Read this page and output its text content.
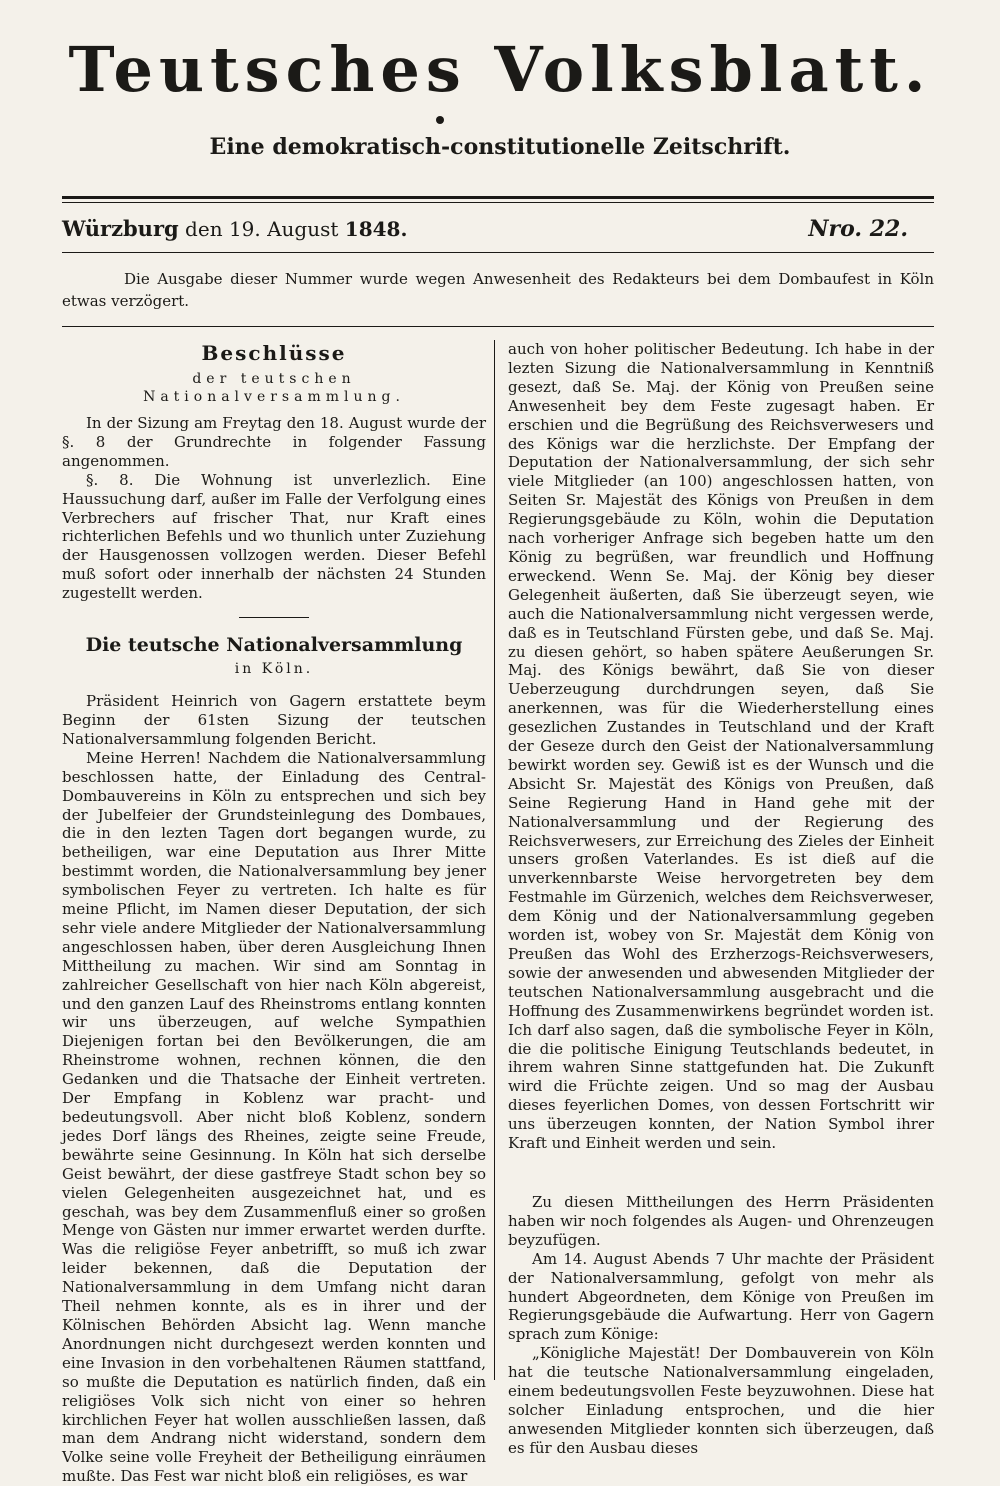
Teutsches Volksblatt.
Eine demokratisch-constitutionelle Zeitschrift.
Würzburg den 19. August 1848.	Nro. 22.
Die Ausgabe dieser Nummer wurde wegen Anwesenheit des Redakteurs bei dem Dombaufest in Köln etwas verzögert.
Beschlüsse
der teutschen Nationalversammlung.

In der Sizung am Freytag den 18. August wurde der §. 8 der Grundrechte in folgender Fassung angenommen.

§. 8. Die Wohnung ist unverlezlich. Eine Haussuchung darf, außer im Falle der Verfolgung eines Verbrechers auf frischer That, nur Kraft eines richterlichen Befehls und wo thunlich unter Zuziehung der Hausgenossen vollzogen werden. Dieser Befehl muß sofort oder innerhalb der nächsten 24 Stunden zugestellt werden.

Die teutsche Nationalversammlung
in Köln.

Präsident Heinrich von Gagern erstattete beym Beginn der 61sten Sizung der teutschen Nationalversammlung folgenden Bericht.

Meine Herren! Nachdem die Nationalversammlung beschlossen hatte, der Einladung des Central-Dombauvereins in Köln zu entsprechen und sich bey der Jubelfeier der Grundsteinlegung des Dombaues, die in den lezten Tagen dort begangen wurde, zu betheiligen, war eine Deputation aus Ihrer Mitte bestimmt worden, die Nationalversammlung bey jener symbolischen Feyer zu vertreten. Ich halte es für meine Pflicht, im Namen dieser Deputation, der sich sehr viele andere Mitglieder der Nationalversammlung angeschlossen haben, über deren Ausgleichung Ihnen Mittheilung zu machen. Wir sind am Sonntag in zahlreicher Gesellschaft von hier nach Köln abgereist, und den ganzen Lauf des Rheinstroms entlang konnten wir uns überzeugen, auf welche Sympathien Diejenigen fortan bei den Bevölkerungen, die am Rheinstrome wohnen, rechnen können, die den Gedanken und die Thatsache der Einheit vertreten. Der Empfang in Koblenz war pracht- und bedeutungsvoll. Aber nicht bloß Koblenz, sondern jedes Dorf längs des Rheines, zeigte seine Freude, bewährte seine Gesinnung. In Köln hat sich derselbe Geist bewährt, der diese gastfreye Stadt schon bey so vielen Gelegenheiten ausgezeichnet hat, und es geschah, was bey dem Zusammenfluß einer so großen Menge von Gästen nur immer erwartet werden durfte. Was die religiöse Feyer anbetrifft, so muß ich zwar leider bekennen, daß die Deputation der Nationalversammlung in dem Umfang nicht daran Theil nehmen konnte, als es in ihrer und der Kölnischen Behörden Absicht lag. Wenn manche Anordnungen nicht durchgesezt werden konnten und eine Invasion in den vorbehaltenen Räumen stattfand, so mußte die Deputation es natürlich finden, daß ein religiöses Volk sich nicht von einer so hehren kirchlichen Feyer hat wollen ausschließen lassen, daß man dem Andrang nicht widerstand, sondern dem Volke seine volle Freyheit der Betheiligung einräumen mußte. Das Fest war nicht bloß ein religiöses, es war

auch von hoher politischer Bedeutung. Ich habe in der lezten Sizung die Nationalversammlung in Kenntniß gesezt, daß Se. Maj. der König von Preußen seine Anwesenheit bey dem Feste zugesagt haben. Er erschien und die Begrüßung des Reichsverwesers und des Königs war die herzlichste. Der Empfang der Deputation der Nationalversammlung, der sich sehr viele Mitglieder (an 100) angeschlossen hatten, von Seiten Sr. Majestät des Königs von Preußen in dem Regierungsgebäude zu Köln, wohin die Deputation nach vorheriger Anfrage sich begeben hatte um den König zu begrüßen, war freundlich und Hoffnung erweckend. Wenn Se. Maj. der König bey dieser Gelegenheit äußerten, daß Sie überzeugt seyen, wie auch die Nationalversammlung nicht vergessen werde, daß es in Teutschland Fürsten gebe, und daß Se. Maj. zu diesen gehört, so haben spätere Aeußerungen Sr. Maj. des Königs bewährt, daß Sie von dieser Ueberzeugung durchdrungen seyen, daß Sie anerkennen, was für die Wiederherstellung eines gesezlichen Zustandes in Teutschland und der Kraft der Geseze durch den Geist der Nationalversammlung bewirkt worden sey. Gewiß ist es der Wunsch und die Absicht Sr. Majestät des Königs von Preußen, daß Seine Regierung Hand in Hand gehe mit der Nationalversammlung und der Regierung des Reichsverwesers, zur Erreichung des Zieles der Einheit unsers großen Vaterlandes. Es ist dieß auf die unverkennbarste Weise hervorgetreten bey dem Festmahle im Gürzenich, welches dem Reichsverweser, dem König und der Nationalversammlung gegeben worden ist, wobey von Sr. Majestät dem König von Preußen das Wohl des Erzherzogs-Reichsverwesers, sowie der anwesenden und abwesenden Mitglieder der teutschen Nationalversammlung ausgebracht und die Hoffnung des Zusammenwirkens begründet worden ist. Ich darf also sagen, daß die symbolische Feyer in Köln, die die politische Einigung Teutschlands bedeutet, in ihrem wahren Sinne stattgefunden hat. Die Zukunft wird die Früchte zeigen. Und so mag der Ausbau dieses feyerlichen Domes, von dessen Fortschritt wir uns überzeugen konnten, der Nation Symbol ihrer Kraft und Einheit werden und sein.

Zu diesen Mittheilungen des Herrn Präsidenten haben wir noch folgendes als Augen- und Ohrenzeugen beyzufügen.

Am 14. August Abends 7 Uhr machte der Präsident der Nationalversammlung, gefolgt von mehr als hundert Abgeordneten, dem Könige von Preußen im Regierungsgebäude die Aufwartung. Herr von Gagern sprach zum Könige:

„Königliche Majestät! Der Dombauverein von Köln hat die teutsche Nationalversammlung eingeladen, einem bedeutungsvollen Feste beyzuwohnen. Diese hat solcher Einladung entsprochen, und die hier anwesenden Mitglieder konnten sich überzeugen, daß es für den Ausbau dieses
